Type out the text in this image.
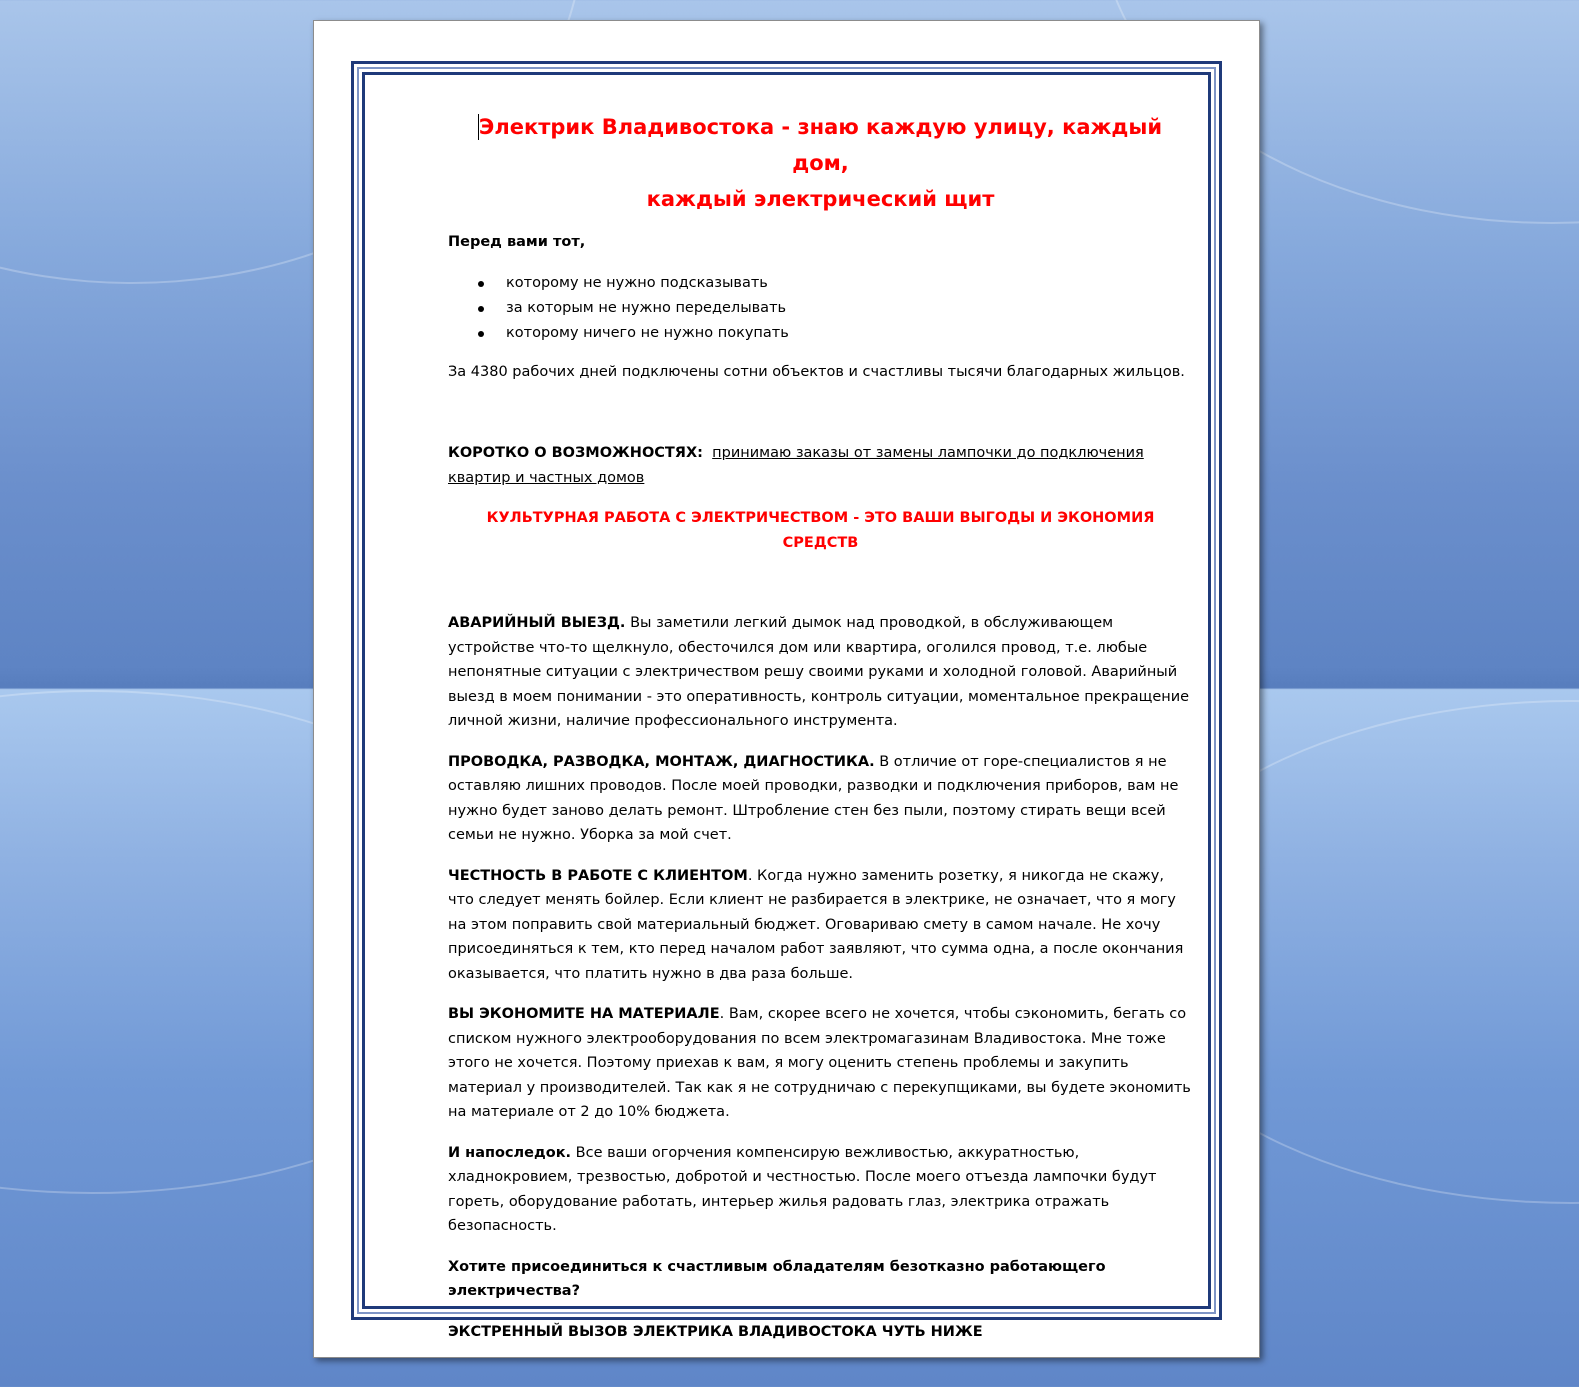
Электрик Владивостока - знаю каждую улицу, каждый дом,
каждый электрический щит

Перед вами тот,

которому не нужно подсказывать
за которым не нужно переделывать
которому ничего не нужно покупать

За 4380 рабочих дней подключены сотни объектов и счастливы тысячи благодарных жильцов.

КОРОТКО О ВОЗМОЖНОСТЯХ: принимаю заказы от замены лампочки до подключения квартир и частных домов

КУЛЬТУРНАЯ РАБОТА С ЭЛЕКТРИЧЕСТВОМ - ЭТО ВАШИ ВЫГОДЫ И ЭКОНОМИЯ СРЕДСТВ

АВАРИЙНЫЙ ВЫЕЗД. Вы заметили легкий дымок над проводкой, в обслуживающем устройстве что-то щелкнуло, обесточился дом или квартира, оголился провод, т.е. любые непонятные ситуации с электричеством решу своими руками и холодной головой. Аварийный выезд в моем понимании - это оперативность, контроль ситуации, моментальное прекращение личной жизни, наличие профессионального инструмента.

ПРОВОДКА, РАЗВОДКА, МОНТАЖ, ДИАГНОСТИКА. В отличие от горе-специалистов я не оставляю лишних проводов. После моей проводки, разводки и подключения приборов, вам не нужно будет заново делать ремонт. Штробление стен без пыли, поэтому стирать вещи всей семьи не нужно. Уборка за мой счет.

ЧЕСТНОСТЬ В РАБОТЕ С КЛИЕНТОМ. Когда нужно заменить розетку, я никогда не скажу, что следует менять бойлер. Если клиент не разбирается в электрике, не означает, что я могу на этом поправить свой материальный бюджет. Оговариваю смету в самом начале. Не хочу присоединяться к тем, кто перед началом работ заявляют, что сумма одна, а после окончания оказывается, что платить нужно в два раза больше.

ВЫ ЭКОНОМИТЕ НА МАТЕРИАЛЕ. Вам, скорее всего не хочется, чтобы сэкономить, бегать со списком нужного электрооборудования по всем электромагазинам Владивостока. Мне тоже этого не хочется. Поэтому приехав к вам, я могу оценить степень проблемы и закупить материал у производителей. Так как я не сотрудничаю с перекупщиками, вы будете экономить на материале от 2 до 10% бюджета.

И напоследок. Все ваши огорчения компенсирую вежливостью, аккуратностью, хладнокровием, трезвостью, добротой и честностью. После моего отъезда лампочки будут гореть, оборудование работать, интерьер жилья радовать глаз, электрика отражать безопасность.

Хотите присоединиться к счастливым обладателям безотказно работающего электричества?

ЭКСТРЕННЫЙ ВЫЗОВ ЭЛЕКТРИКА ВЛАДИВОСТОКА ЧУТЬ НИЖЕ
